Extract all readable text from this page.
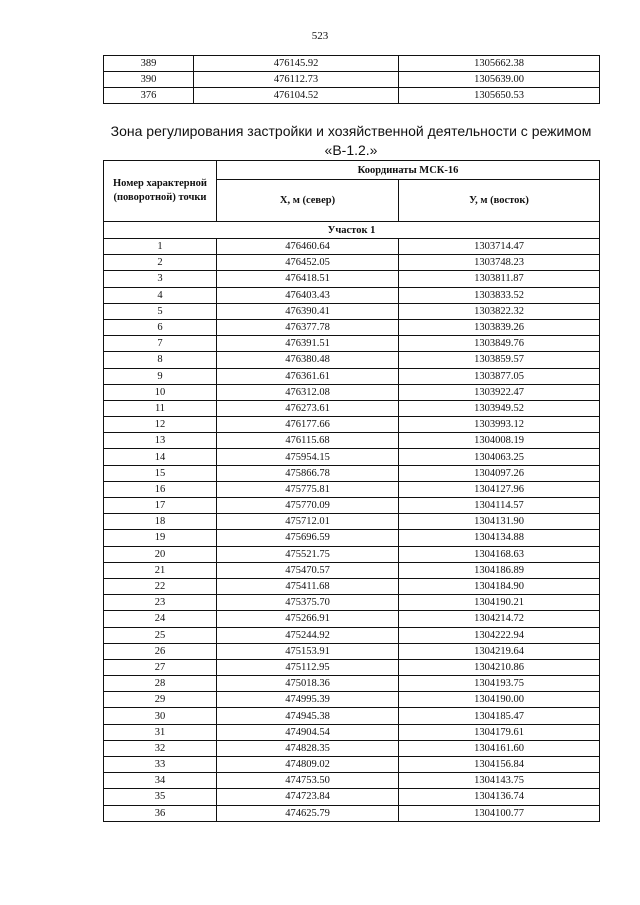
523
389	476145.92	1305662.38
390	476112.73	1305639.00
376	476104.52	1305650.53
Зона регулирования застройки и хозяйственной деятельности с режимом «В-1.2.»
Номер характерной (поворотной) точки	Координаты МСК-16	
	X, м (север)	У, м (восток)
Участок 1		
1	476460.64	1303714.47
2	476452.05	1303748.23
3	476418.51	1303811.87
4	476403.43	1303833.52
5	476390.41	1303822.32
6	476377.78	1303839.26
7	476391.51	1303849.76
8	476380.48	1303859.57
9	476361.61	1303877.05
10	476312.08	1303922.47
11	476273.61	1303949.52
12	476177.66	1303993.12
13	476115.68	1304008.19
14	475954.15	1304063.25
15	475866.78	1304097.26
16	475775.81	1304127.96
17	475770.09	1304114.57
18	475712.01	1304131.90
19	475696.59	1304134.88
20	475521.75	1304168.63
21	475470.57	1304186.89
22	475411.68	1304184.90
23	475375.70	1304190.21
24	475266.91	1304214.72
25	475244.92	1304222.94
26	475153.91	1304219.64
27	475112.95	1304210.86
28	475018.36	1304193.75
29	474995.39	1304190.00
30	474945.38	1304185.47
31	474904.54	1304179.61
32	474828.35	1304161.60
33	474809.02	1304156.84
34	474753.50	1304143.75
35	474723.84	1304136.74
36	474625.79	1304100.77
